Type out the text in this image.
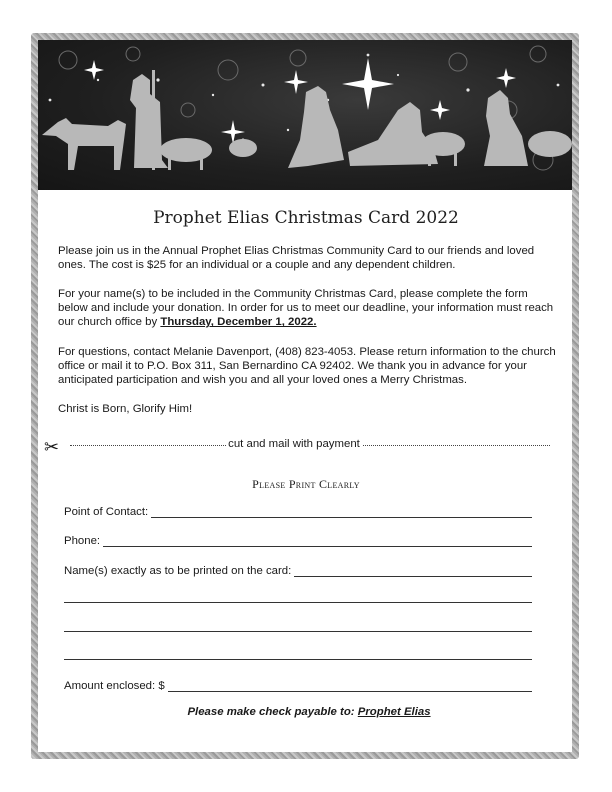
Prophet Elias Christmas Card 2022

Please join us in the Annual Prophet Elias Christmas Community Card to our friends and loved ones. The cost is $25 for an individual or a couple and any dependent children.

For your name(s) to be included in the Community Christmas Card, please complete the form below and include your donation. In order for us to meet our deadline, your information must reach our church office by Thursday, December 1, 2022.

For questions, contact Melanie Davenport, (408) 823-4053. Please return information to the church office or mail it to P.O. Box 311, San Bernardino CA 92402. We thank you in advance for your anticipated participation and wish you and all your loved ones a Merry Christmas.

Christ is Born, Glorify Him!

✂	cut and mail with payment
Please Print Clearly
Point of Contact:
Phone:
Name(s) exactly as to be printed on the card:
Amount enclosed: $
Please make check payable to: Prophet Elias
